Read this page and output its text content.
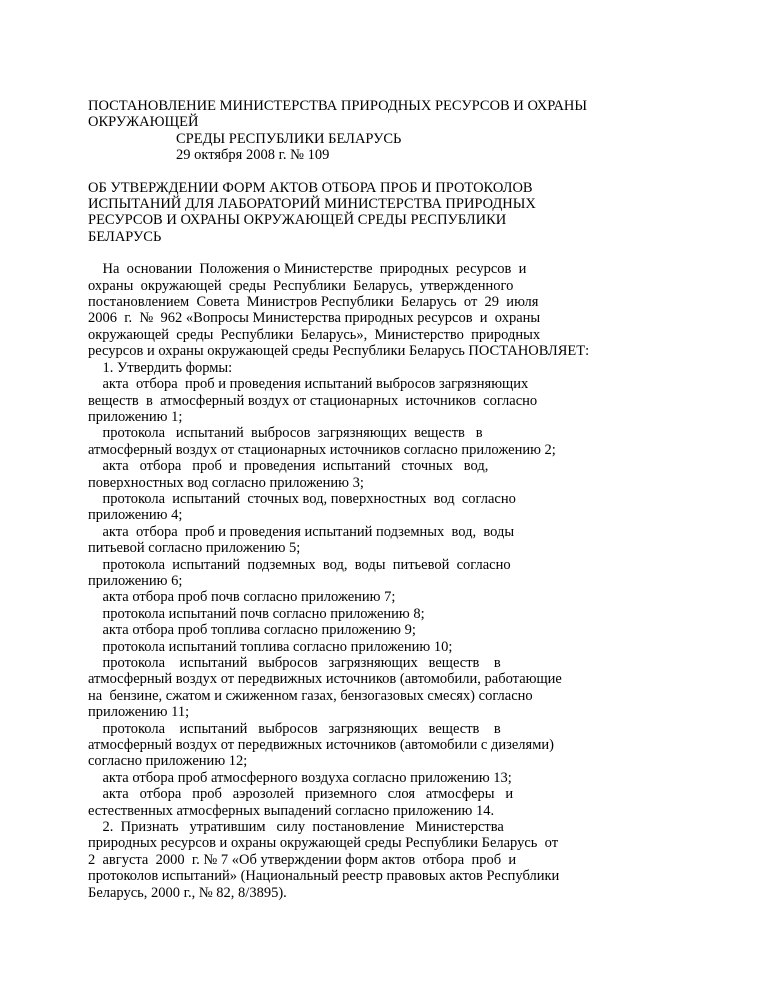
ПОСТАНОВЛЕНИЕ МИНИСТЕРСТВА ПРИРОДНЫХ РЕСУРСОВ И ОХРАНЫ
ОКРУЖАЮЩЕЙ
СРЕДЫ РЕСПУБЛИКИ БЕЛАРУСЬ
29 октября 2008 г. № 109
ОБ УТВЕРЖДЕНИИ ФОРМ АКТОВ ОТБОРА ПРОБ И ПРОТОКОЛОВ
ИСПЫТАНИЙ ДЛЯ ЛАБОРАТОРИЙ МИНИСТЕРСТВА ПРИРОДНЫХ
РЕСУРСОВ И ОХРАНЫ ОКРУЖАЮЩЕЙ СРЕДЫ РЕСПУБЛИКИ
БЕЛАРУСЬ
На  основании  Положения о Министерстве  природных  ресурсов  и
охраны  окружающей  среды  Республики  Беларусь,  утвержденного
постановлением  Совета  Министров Республики  Беларусь  от  29  июля
2006  г.  №  962 «Вопросы Министерства природных ресурсов  и  охраны
окружающей  среды  Республики  Беларусь»,  Министерство  природных
ресурсов и охраны окружающей среды Республики Беларусь ПОСТАНОВЛЯЕТ:
1. Утвердить формы:
акта  отбора  проб и проведения испытаний выбросов загрязняющих
веществ  в  атмосферный воздух от стационарных  источников  согласно
приложению 1;
протокола   испытаний  выбросов  загрязняющих  веществ   в
атмосферный воздух от стационарных источников согласно приложению 2;
акта   отбора   проб  и  проведения  испытаний   сточных   вод,
поверхностных вод согласно приложению 3;
протокола  испытаний  сточных вод, поверхностных  вод  согласно
приложению 4;
акта  отбора  проб и проведения испытаний подземных  вод,  воды
питьевой согласно приложению 5;
протокола  испытаний  подземных  вод,  воды  питьевой  согласно
приложению 6;
акта отбора проб почв согласно приложению 7;
протокола испытаний почв согласно приложению 8;
акта отбора проб топлива согласно приложению 9;
протокола испытаний топлива согласно приложению 10;
протокола    испытаний   выбросов   загрязняющих   веществ    в
атмосферный воздух от передвижных источников (автомобили, работающие
на  бензине, сжатом и сжиженном газах, бензогазовых смесях) согласно
приложению 11;
протокола    испытаний   выбросов   загрязняющих   веществ    в
атмосферный воздух от передвижных источников (автомобили с дизелями)
согласно приложению 12;
акта отбора проб атмосферного воздуха согласно приложению 13;
акта   отбора   проб   аэрозолей   приземного   слоя   атмосферы   и
естественных атмосферных выпадений согласно приложению 14.
2.  Признать   утратившим   силу  постановление   Министерства
природных ресурсов и охраны окружающей среды Республики Беларусь  от
2  августа  2000  г. № 7 «Об утверждении форм актов  отбора  проб  и
протоколов испытаний» (Национальный реестр правовых актов Республики
Беларусь, 2000 г., № 82, 8/3895).
